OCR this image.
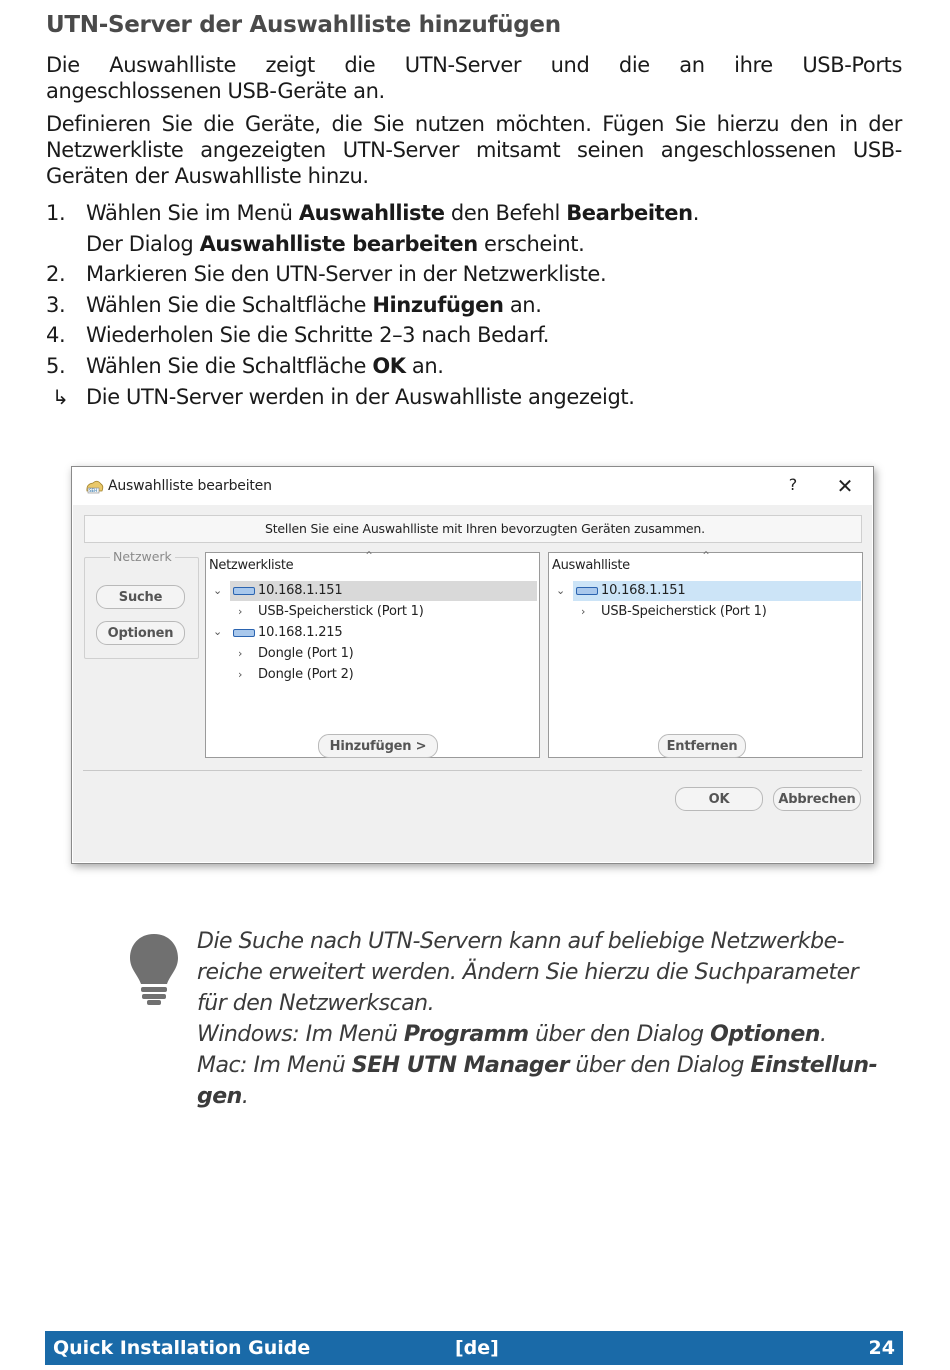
UTN-Server der Auswahlliste hinzufügen
Die Auswahlliste zeigt die UTN-Server und die an ihre USB-Ports
angeschlossenen USB-Geräte an.
Definieren Sie die Geräte, die Sie nutzen möchten. Fügen Sie hierzu den in der
Netzwerkliste angezeigten UTN-Server mitsamt seinen angeschlossenen USB-
Geräten der Auswahlliste hinzu.
1. Wählen Sie im Menü Auswahlliste den Befehl Bearbeiten.
Der Dialog Auswahlliste bearbeiten erscheint.
2. Markieren Sie den UTN-Server in der Netzwerkliste.
3. Wählen Sie die Schaltfläche Hinzufügen an.
4. Wiederholen Sie die Schritte 2–3 nach Bedarf.
5. Wählen Sie die Schaltfläche OK an.
↳ Die UTN-Server werden in der Auswahlliste angezeigt.
SEH Auswahlliste bearbeiten	? ✕
Stellen Sie eine Auswahlliste mit Ihren bevorzugten Geräten zusammen.
Netzwerk
Suche
Optionen
⌃
Netzwerkliste
10.168.1.151
⌄
› USB-Speicherstick (Port 1)
⌄	10.168.1.215
› Dongle (Port 1)
› Dongle (Port 2)
⌃
Auswahlliste
10.168.1.151
⌄
› USB-Speicherstick (Port 1)
Hinzufügen >	Entfernen
OK	Abbrechen
Die Suche nach UTN-Servern kann auf beliebige Netzwerkbe-
reiche erweitert werden. Ändern Sie hierzu die Suchparameter
für den Netzwerkscan.
Windows: Im Menü Programm über den Dialog Optionen.
Mac: Im Menü SEH UTN Manager über den Dialog Einstellun-
gen.
Quick Installation Guide	[de]	24
